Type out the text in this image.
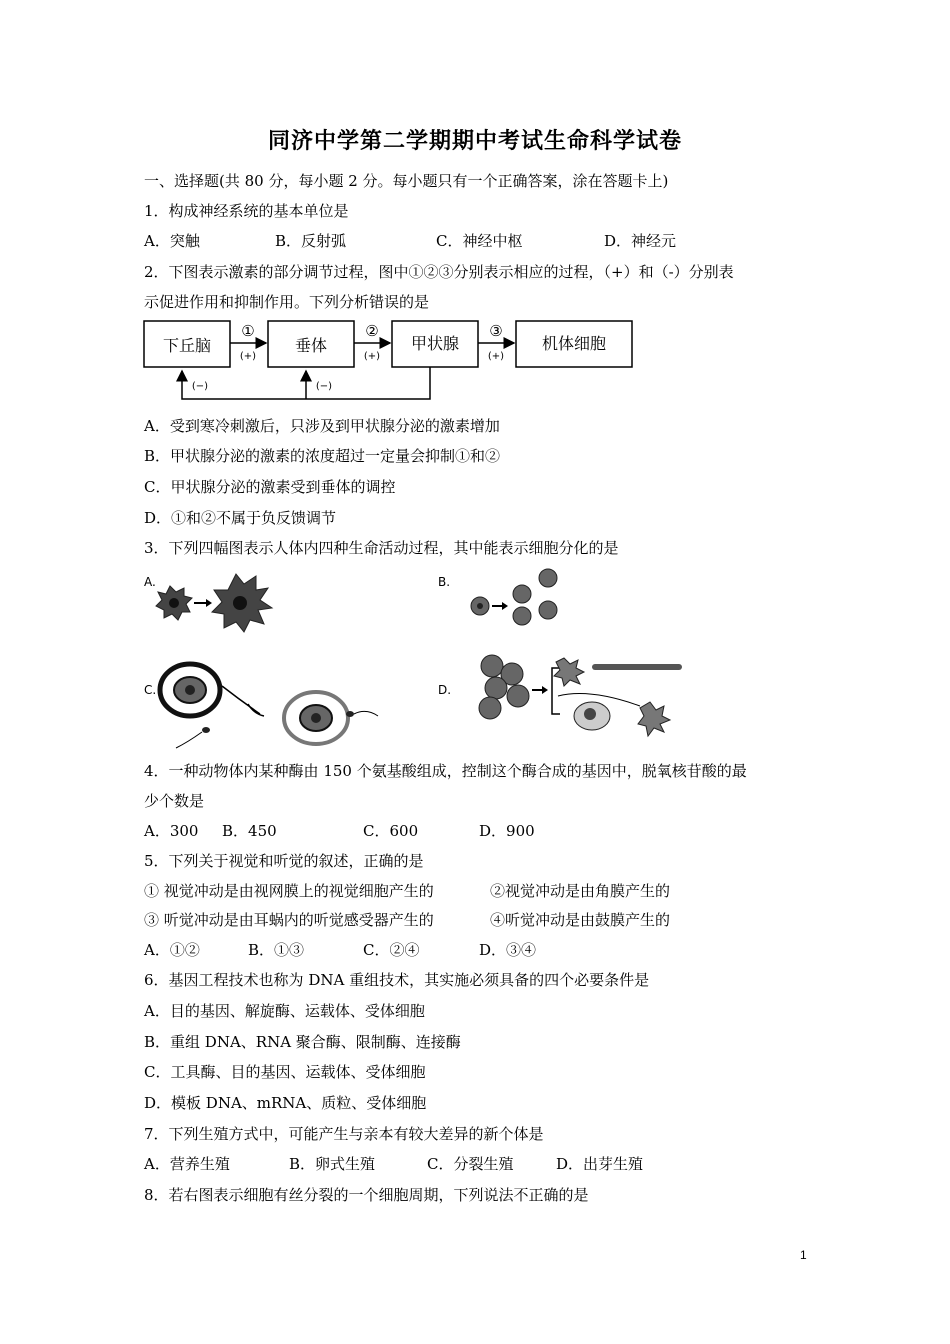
同济中学第二学期期中考试生命科学试卷
一、选择题(共 80 分，每小题 2 分。每小题只有一个正确答案，涂在答题卡上)
1．构成神经系统的基本单位是
A．突触	B．反射弧	C．神经中枢	D．神经元
2．下图表示激素的部分调节过程，图中①②③分别表示相应的过程，（+）和（-）分别表
示促进作用和抑制作用。下列分析错误的是
下丘脑	垂体	甲状腺	机体细胞
①	②	③
(+)	(+)	(+)
(−)	(−)
A．受到寒冷刺激后，只涉及到甲状腺分泌的激素增加
B．甲状腺分泌的激素的浓度超过一定量会抑制①和②
C．甲状腺分泌的激素受到垂体的调控
D．①和②不属于负反馈调节
3．下列四幅图表示人体内四种生命活动过程，其中能表示细胞分化的是
A.	B.
C.	D.
4．一种动物体内某种酶由 150 个氨基酸组成，控制这个酶合成的基因中，脱氧核苷酸的最
少个数是
A．300 B．450	C．600	D．900
5．下列关于视觉和听觉的叙述，正确的是
① 视觉冲动是由视网膜上的视觉细胞产生的	②视觉冲动是由角膜产生的
③ 听觉冲动是由耳蜗内的听觉感受器产生的	④听觉冲动是由鼓膜产生的
A．①②	B．①③	C．②④	D．③④
6．基因工程技术也称为 DNA 重组技术，其实施必须具备的四个必要条件是
A．目的基因、解旋酶、运载体、受体细胞
B．重组 DNA、RNA 聚合酶、限制酶、连接酶
C．工具酶、目的基因、运载体、受体细胞
D．模板 DNA、mRNA、质粒、受体细胞
7．下列生殖方式中，可能产生与亲本有较大差异的新个体是
A．营养生殖	B．卵式生殖	C．分裂生殖	D．出芽生殖
8．若右图表示细胞有丝分裂的一个细胞周期，下列说法不正确的是
1
